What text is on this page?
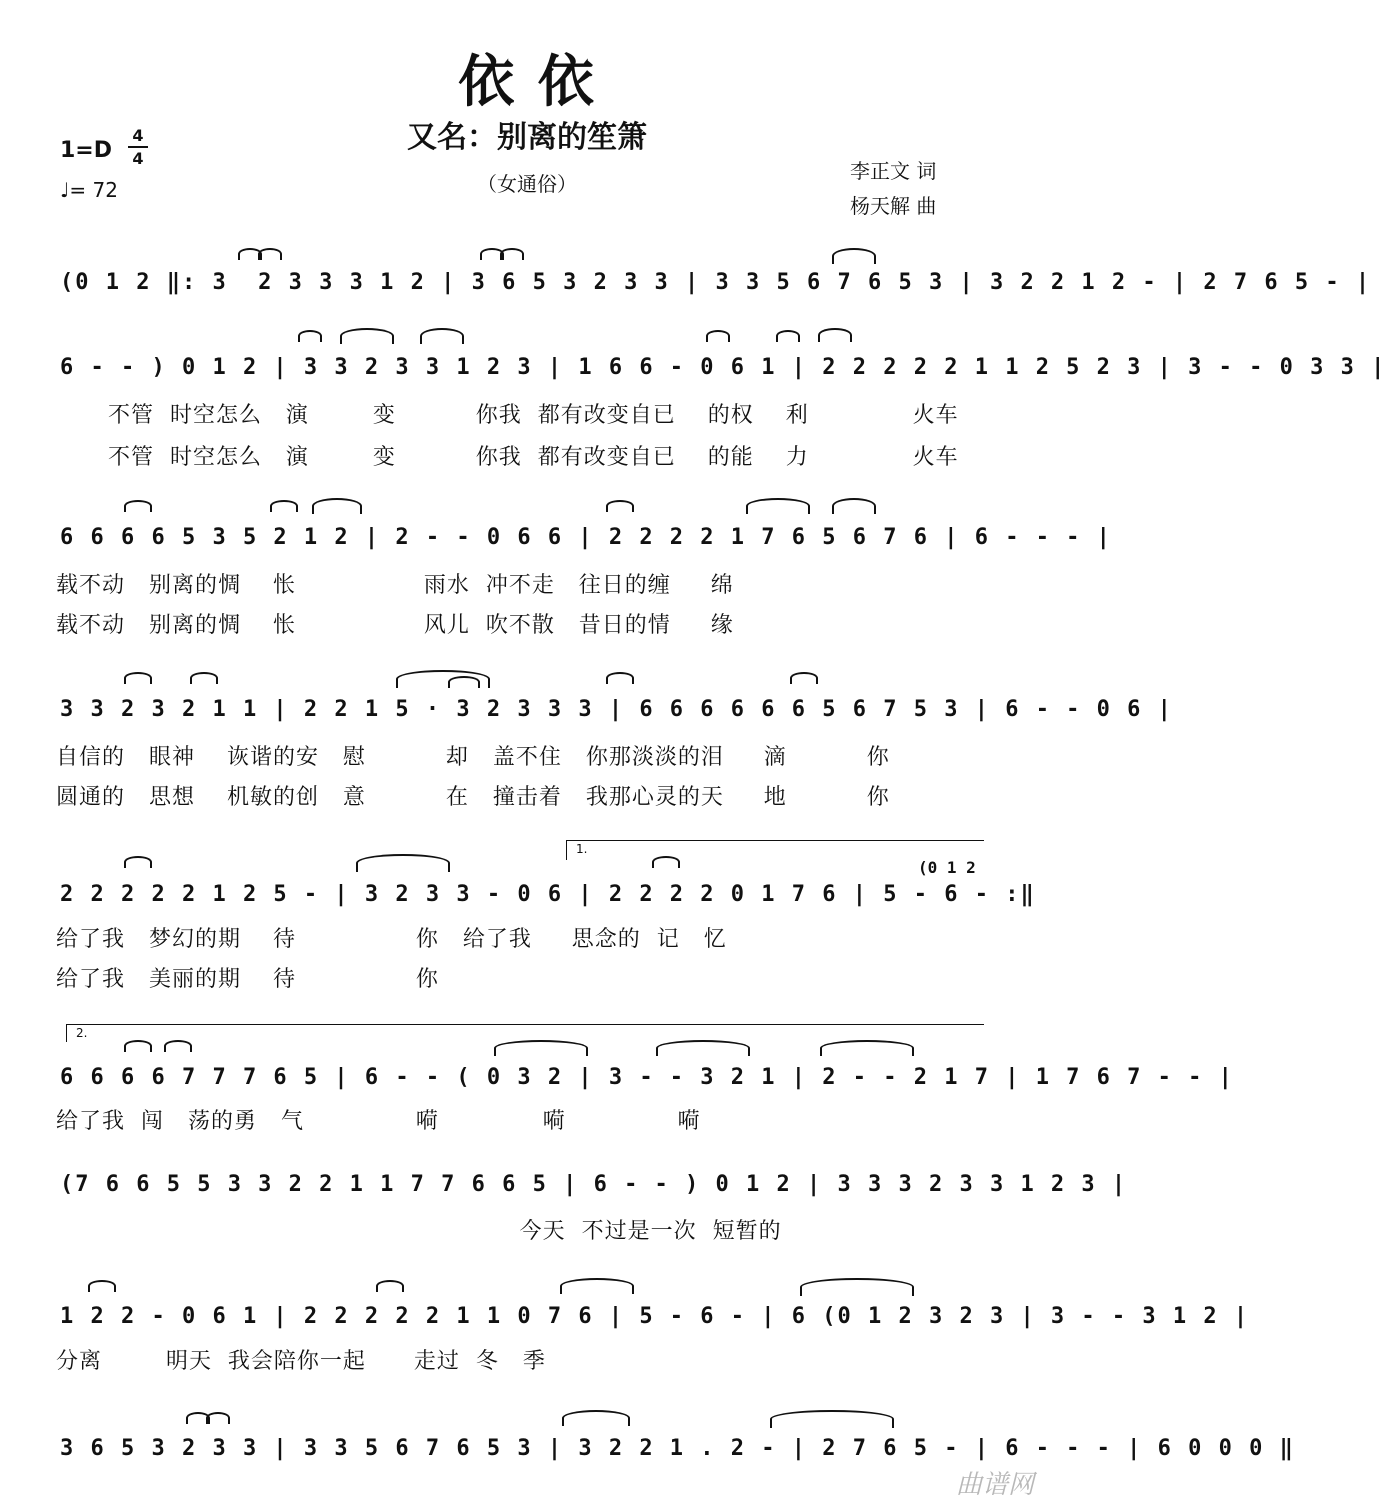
依 依
又名：别离的笙箫
（女通俗）
1=D
4
4
♩= 72
李正文 词
杨天解 曲
(0 1 2 ‖: 3  2 3 3 3 1 2 | 3 6 5 3 2 3 3 | 3 3 5 6 7 6 5 3 | 3 2 2 1 2 - | 2 7 6 5 - |
6 - - ) 0 1 2 | 3 3 2 3 3 1 2 3 | 1 6 6 - 0 6 1 | 2 2 2 2 2 1 1 2 5 2 3 | 3 - - 0 3 3 |
不管  时空怎么   演        变          你我  都有改变自已    的权    利             火车
不管  时空怎么   演        变          你我  都有改变自已    的能    力             火车
6 6 6 6 5 3 5 2 1 2 | 2 - - 0 6 6 | 2 2 2 2 1 7 6 5 6 7 6 | 6 - - - |
载不动   别离的惆    怅                雨水  冲不走   往日的缠     绵
载不动   别离的惆    怅                风儿  吹不散   昔日的情     缘
3 3 2 3 2 1 1 | 2 2 1 5 · 3 2 3 3 3 | 6 6 6 6 6 6 5 6 7 5 3 | 6 - - 0 6 |
自信的   眼神    诙谐的安   慰          却   盖不住   你那淡淡的泪     滴          你
圆通的   思想    机敏的创   意          在   撞击着   我那心灵的天     地          你
1.
(0 1 2
2 2 2 2 2 1 2 5 - | 3 2 3 3 - 0 6 | 2 2 2 2 0 1 7 6 | 5 - 6 - :‖
给了我   梦幻的期    待               你   给了我     思念的  记   忆
给了我   美丽的期    待               你
2.
6 6 6 6 7 7 7 6 5 | 6 - - ( 0 3 2 | 3 - - 3 2 1 | 2 - - 2 1 7 | 1 7 6 7 - - |
给了我  闯   荡的勇   气              嗬             嗬              嗬
(7 6 6 5 5 3 3 2 2 1 1 7 7 6 6 5 | 6 - - ) 0 1 2 | 3 3 3 2 3 3 1 2 3 |
今天  不过是一次  短暂的
1 2 2 - 0 6 1 | 2 2 2 2 2 1 1 0 7 6 | 5 - 6 - | 6 (0 1 2 3 2 3 | 3 - - 3 1 2 |
分离        明天  我会陪你一起      走过  冬   季
3 6 5 3 2 3 3 | 3 3 5 6 7 6 5 3 | 3 2 2 1 . 2 - | 2 7 6 5 - | 6 - - - | 6 0 0 0 ‖
曲谱网
